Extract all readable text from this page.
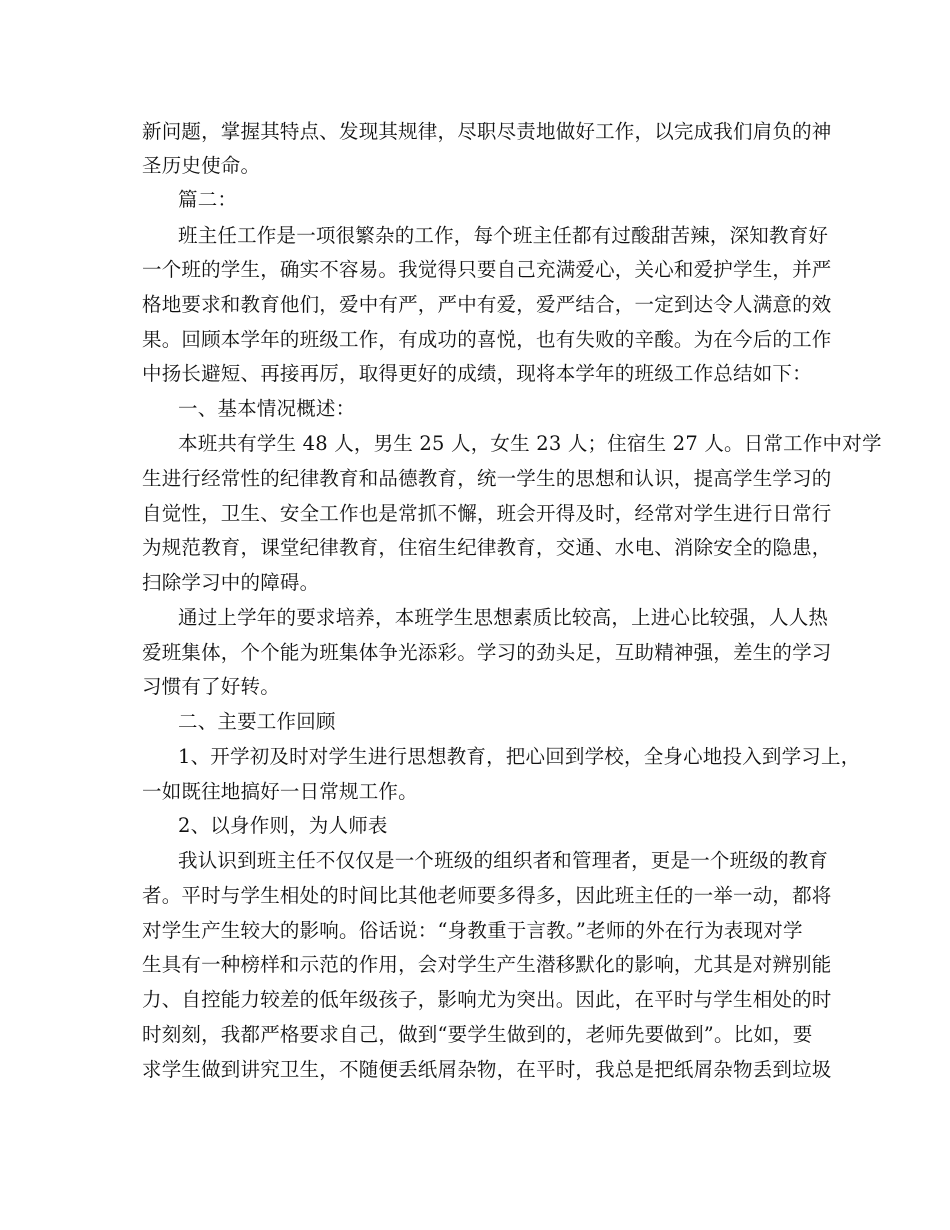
新问题，掌握其特点、发现其规律，尽职尽责地做好工作，以完成我们肩负的神
圣历史使命。
篇二：
班主任工作是一项很繁杂的工作，每个班主任都有过酸甜苦辣，深知教育好
一个班的学生，确实不容易。我觉得只要自己充满爱心，关心和爱护学生，并严
格地要求和教育他们，爱中有严，严中有爱，爱严结合，一定到达令人满意的效
果。回顾本学年的班级工作，有成功的喜悦，也有失败的辛酸。为在今后的工作
中扬长避短、再接再厉，取得更好的成绩，现将本学年的班级工作总结如下：
一、基本情况概述：
本班共有学生 48 人，男生 25 人，女生 23 人；住宿生 27 人。日常工作中对学
生进行经常性的纪律教育和品德教育，统一学生的思想和认识，提高学生学习的
自觉性，卫生、安全工作也是常抓不懈，班会开得及时，经常对学生进行日常行
为规范教育，课堂纪律教育，住宿生纪律教育，交通、水电、消除安全的隐患，
扫除学习中的障碍。
通过上学年的要求培养，本班学生思想素质比较高，上进心比较强，人人热
爱班集体，个个能为班集体争光添彩。学习的劲头足，互助精神强，差生的学习
习惯有了好转。
二、主要工作回顾
1、开学初及时对学生进行思想教育，把心回到学校，全身心地投入到学习上，
一如既往地搞好一日常规工作。
2、以身作则，为人师表
我认识到班主任不仅仅是一个班级的组织者和管理者，更是一个班级的教育
者。平时与学生相处的时间比其他老师要多得多，因此班主任的一举一动，都将
对学生产生较大的影响。俗话说：“身教重于言教。”老师的外在行为表现对学
生具有一种榜样和示范的作用，会对学生产生潜移默化的影响，尤其是对辨别能
力、自控能力较差的低年级孩子，影响尤为突出。因此，在平时与学生相处的时
时刻刻，我都严格要求自己，做到“要学生做到的，老师先要做到”。比如，要
求学生做到讲究卫生，不随便丢纸屑杂物，在平时，我总是把纸屑杂物丢到垃圾
